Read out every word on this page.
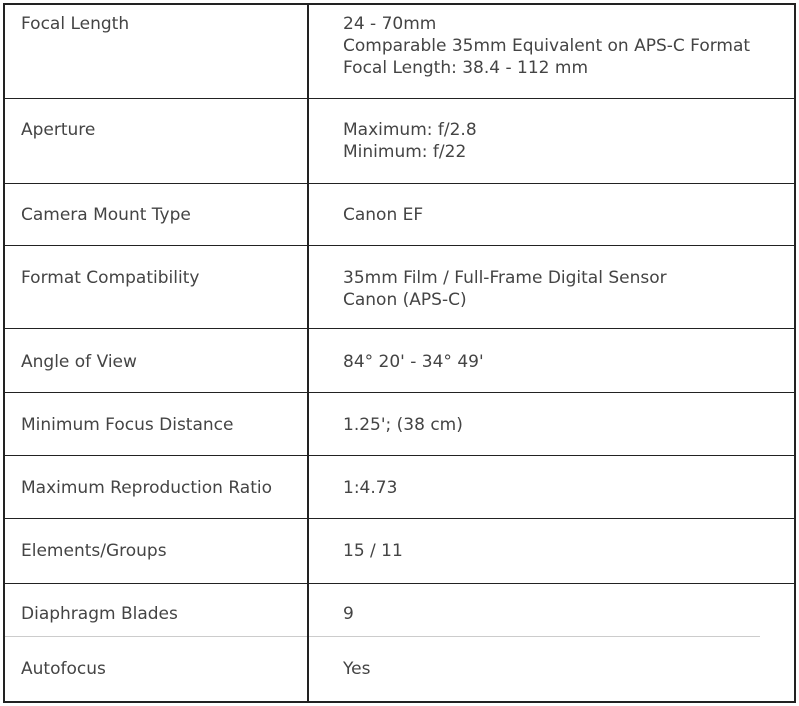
Focal Length	24 - 70mm
Comparable 35mm Equivalent on APS-C Format
Focal Length: 38.4 - 112 mm
Aperture	Maximum: f/2.8
Minimum: f/22
Camera Mount Type	Canon EF
Format Compatibility	35mm Film / Full-Frame Digital Sensor
Canon (APS-C)
Angle of View	84° 20' - 34° 49'
Minimum Focus Distance	1.25'; (38 cm)
Maximum Reproduction Ratio	1:4.73
Elements/Groups	15 / 11
Diaphragm Blades	9
Autofocus	Yes
